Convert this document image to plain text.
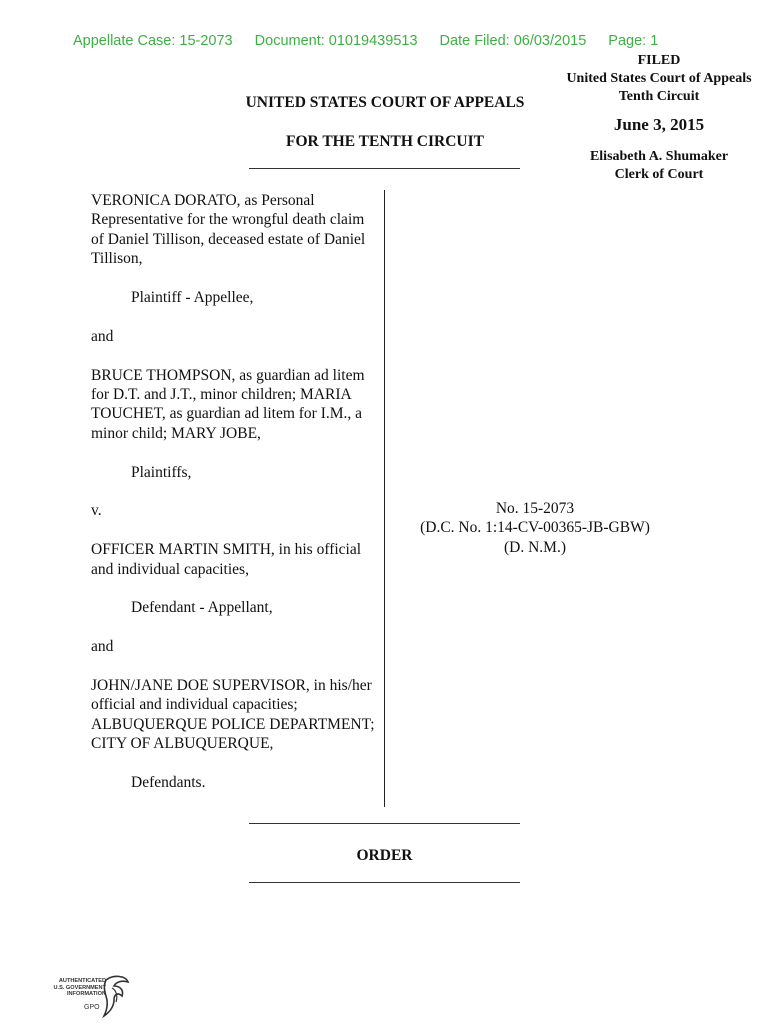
Appellate Case: 15-2073 Document: 01019439513 Date Filed: 06/03/2015 Page: 1
FILED
United States Court of Appeals
Tenth Circuit
June 3, 2015
Elisabeth A. Shumaker
Clerk of Court
UNITED STATES COURT OF APPEALS
FOR THE TENTH CIRCUIT

VERONICA DORATO, as Personal Representative for the wrongful death claim of Daniel Tillison, deceased estate of Daniel Tillison,

Plaintiff - Appellee,

and

BRUCE THOMPSON, as guardian ad litem for D.T. and J.T., minor children; MARIA TOUCHET, as guardian ad litem for I.M., a minor child; MARY JOBE,

Plaintiffs,

v.

OFFICER MARTIN SMITH, in his official and individual capacities,

Defendant - Appellant,

and

JOHN/JANE DOE SUPERVISOR, in his/her official and individual capacities; ALBUQUERQUE POLICE DEPARTMENT; CITY OF ALBUQUERQUE,

Defendants.

No. 15-2073
(D.C. No. 1:14-CV-00365-JB-GBW)
(D. N.M.)
ORDER
AUTHENTICATED
U.S. GOVERNMENT
INFORMATION
GPO
